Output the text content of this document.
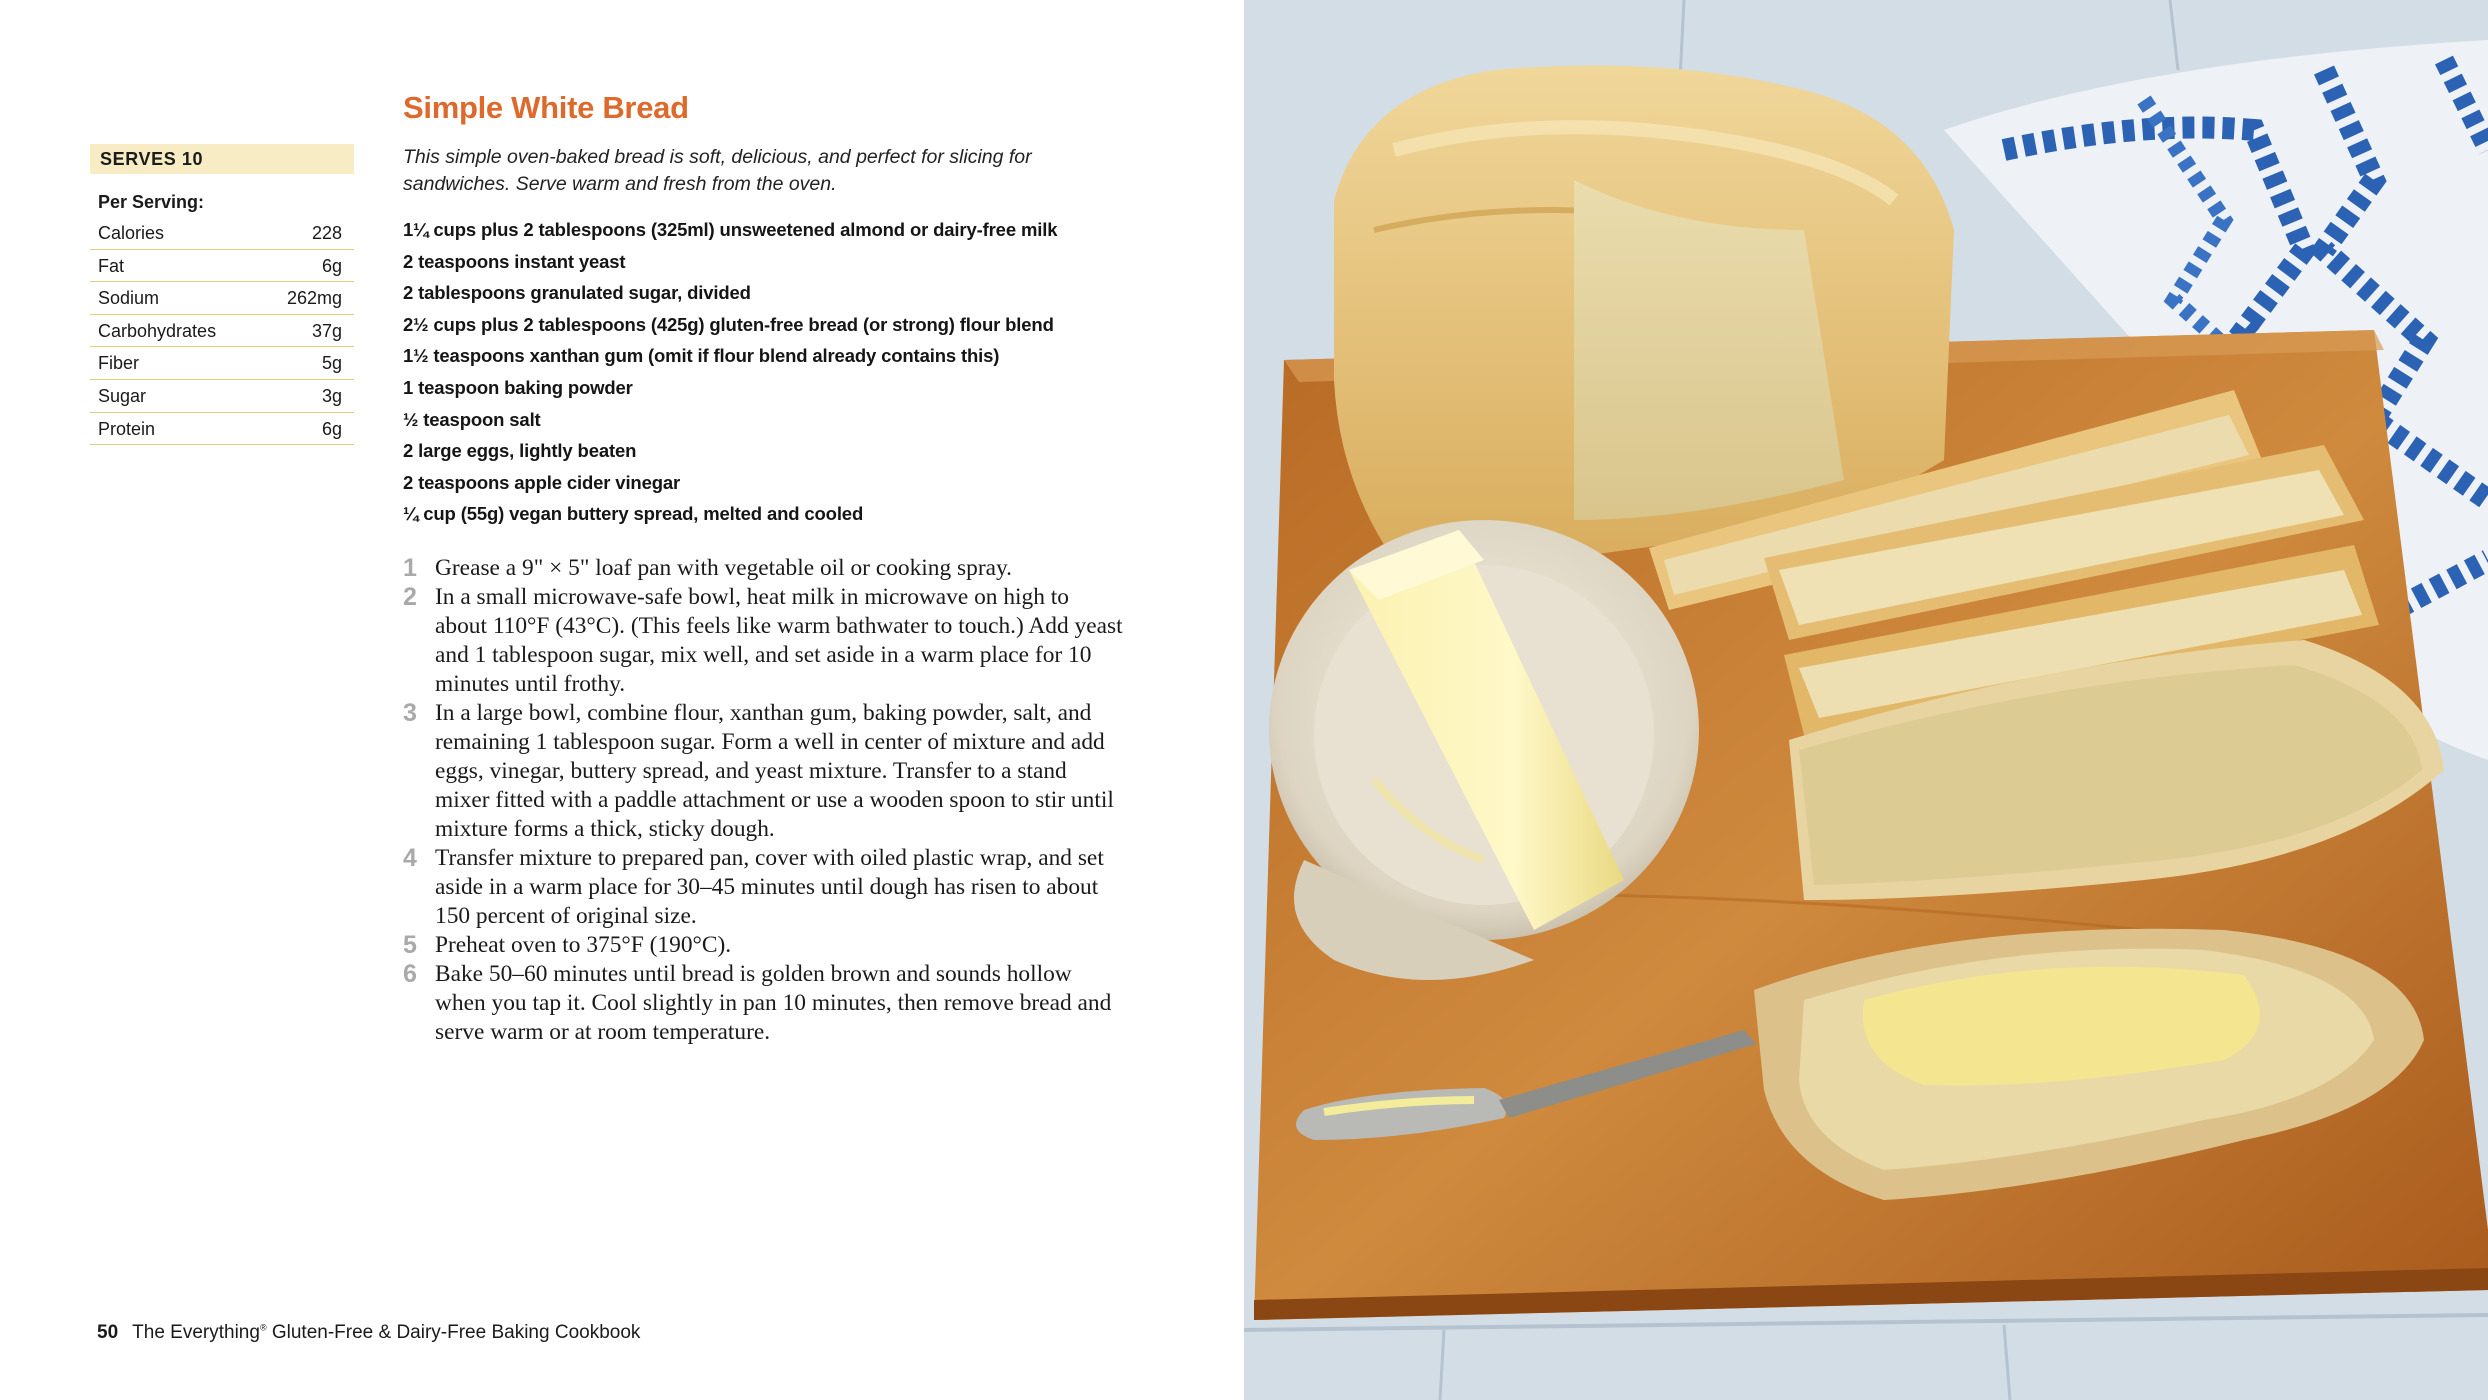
SERVES 10
Per Serving:
Calories	228
Fat	6g
Sodium	262mg
Carbohydrates	37g
Fiber	5g
Sugar	3g
Protein	6g
Simple White Bread

This simple oven-baked bread is soft, delicious, and perfect for slicing for sandwiches. Serve warm and fresh from the oven.

1¼ cups plus 2 tablespoons (325ml) unsweetened almond or dairy-free milk
2 teaspoons instant yeast
2 tablespoons granulated sugar, divided
2½ cups plus 2 tablespoons (425g) gluten-free bread (or strong) flour blend
1½ teaspoons xanthan gum (omit if flour blend already contains this)
1 teaspoon baking powder
½ teaspoon salt
2 large eggs, lightly beaten
2 teaspoons apple cider vinegar
¼ cup (55g) vegan buttery spread, melted and cooled
1 Grease a 9" × 5" loaf pan with vegetable oil or cooking spray.
2 In a small microwave-safe bowl, heat milk in microwave on high to about 110°F (43°C). (This feels like warm bathwater to touch.) Add yeast and 1 tablespoon sugar, mix well, and set aside in a warm place for 10 minutes until frothy.
3 In a large bowl, combine flour, xanthan gum, baking powder, salt, and remaining 1 tablespoon sugar. Form a well in center of mixture and add eggs, vinegar, buttery spread, and yeast mixture. Transfer to a stand mixer fitted with a paddle attachment or use a wooden spoon to stir until mixture forms a thick, sticky dough.
4 Transfer mixture to prepared pan, cover with oiled plastic wrap, and set aside in a warm place for 30–45 minutes until dough has risen to about 150 percent of original size.
5 Preheat oven to 375°F (190°C).
6 Bake 50–60 minutes until bread is golden brown and sounds hollow when you tap it. Cool slightly in pan 10 minutes, then remove bread and serve warm or at room temperature.
50 The Everything® Gluten-Free & Dairy-Free Baking Cookbook
